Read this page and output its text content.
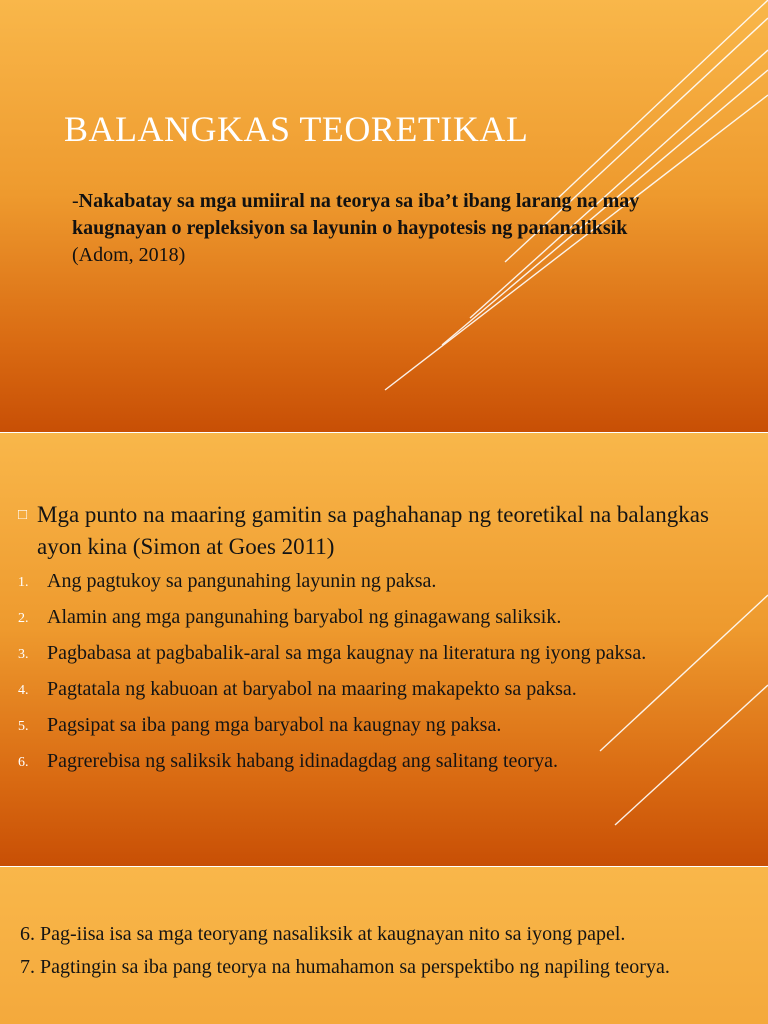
BALANGKAS TEORETIKAL

-Nakabatay sa mga umiiral na teorya sa iba’t ibang larang na may kaugnayan o repleksiyon sa layunin o haypotesis ng pananaliksik (Adom, 2018)

□ Mga punto na maaring gamitin sa paghahanap ng teoretikal na balangkas ayon kina (Simon at Goes 2011)
1. Ang pagtukoy sa pangunahing layunin ng paksa.
2. Alamin ang mga pangunahing baryabol ng ginagawang saliksik.
3. Pagbabasa at pagbabalik-aral sa mga kaugnay na literatura ng iyong paksa.
4. Pagtatala ng kabuoan at baryabol na maaring makapekto sa paksa.
5. Pagsipat sa iba pang mga baryabol na kaugnay ng paksa.
6. Pagrerebisa ng saliksik habang idinadagdag ang salitang teorya.
6. Pag-iisa isa sa mga teoryang nasaliksik at kaugnayan nito sa iyong papel.
7. Pagtingin sa iba pang teorya na humahamon sa perspektibo ng napiling teorya.
